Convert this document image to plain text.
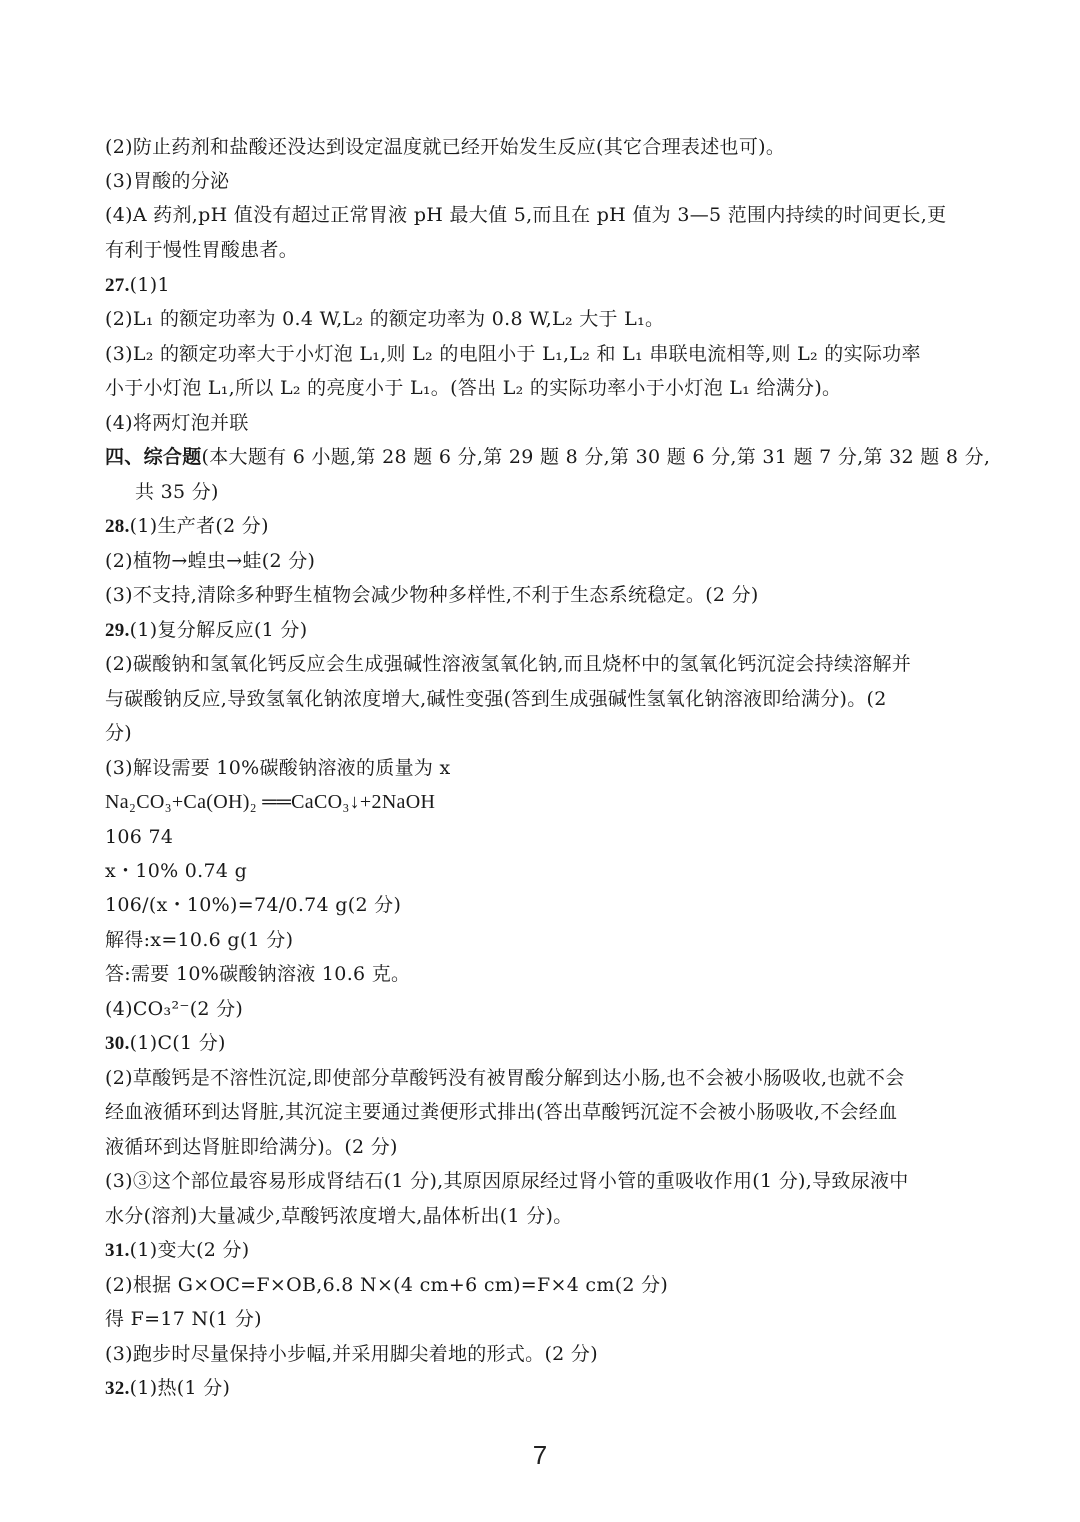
(2)防止药剂和盐酸还没达到设定温度就已经开始发生反应(其它合理表述也可)。
(3)胃酸的分泌
(4)A 药剂,pH 值没有超过正常胃液 pH 最大值 5,而且在 pH 值为 3—5 范围内持续的时间更长,更
有利于慢性胃酸患者。
27.(1)1
(2)L₁ 的额定功率为 0.4 W,L₂ 的额定功率为 0.8 W,L₂ 大于 L₁。
(3)L₂ 的额定功率大于小灯泡 L₁,则 L₂ 的电阻小于 L₁,L₂ 和 L₁ 串联电流相等,则 L₂ 的实际功率
小于小灯泡 L₁,所以 L₂ 的亮度小于 L₁。(答出 L₂ 的实际功率小于小灯泡 L₁ 给满分)。
(4)将两灯泡并联
四、综合题(本大题有 6 小题,第 28 题 6 分,第 29 题 8 分,第 30 题 6 分,第 31 题 7 分,第 32 题 8 分,
共 35 分)
28.(1)生产者(2 分)
(2)植物→蝗虫→蛙(2 分)
(3)不支持,清除多种野生植物会减少物种多样性,不利于生态系统稳定。(2 分)
29.(1)复分解反应(1 分)
(2)碳酸钠和氢氧化钙反应会生成强碱性溶液氢氧化钠,而且烧杯中的氢氧化钙沉淀会持续溶解并
与碳酸钠反应,导致氢氧化钠浓度增大,碱性变强(答到生成强碱性氢氧化钠溶液即给满分)。(2
分)
(3)解设需要 10%碳酸钠溶液的质量为 x
Na₂CO₃+Ca(OH)₂ ══CaCO₃↓+2NaOH
106 74
x・10% 0.74 g
106/(x・10%)=74/0.74 g(2 分)
解得:x=10.6 g(1 分)
答:需要 10%碳酸钠溶液 10.6 克。
(4)CO₃²⁻(2 分)
30.(1)C(1 分)
(2)草酸钙是不溶性沉淀,即使部分草酸钙没有被胃酸分解到达小肠,也不会被小肠吸收,也就不会
经血液循环到达肾脏,其沉淀主要通过粪便形式排出(答出草酸钙沉淀不会被小肠吸收,不会经血
液循环到达肾脏即给满分)。(2 分)
(3)③这个部位最容易形成肾结石(1 分),其原因原尿经过肾小管的重吸收作用(1 分),导致尿液中
水分(溶剂)大量减少,草酸钙浓度增大,晶体析出(1 分)。
31.(1)变大(2 分)
(2)根据 G×OC=F×OB,6.8 N×(4 cm+6 cm)=F×4 cm(2 分)
得 F=17 N(1 分)
(3)跑步时尽量保持小步幅,并采用脚尖着地的形式。(2 分)
32.(1)热(1 分)
7
